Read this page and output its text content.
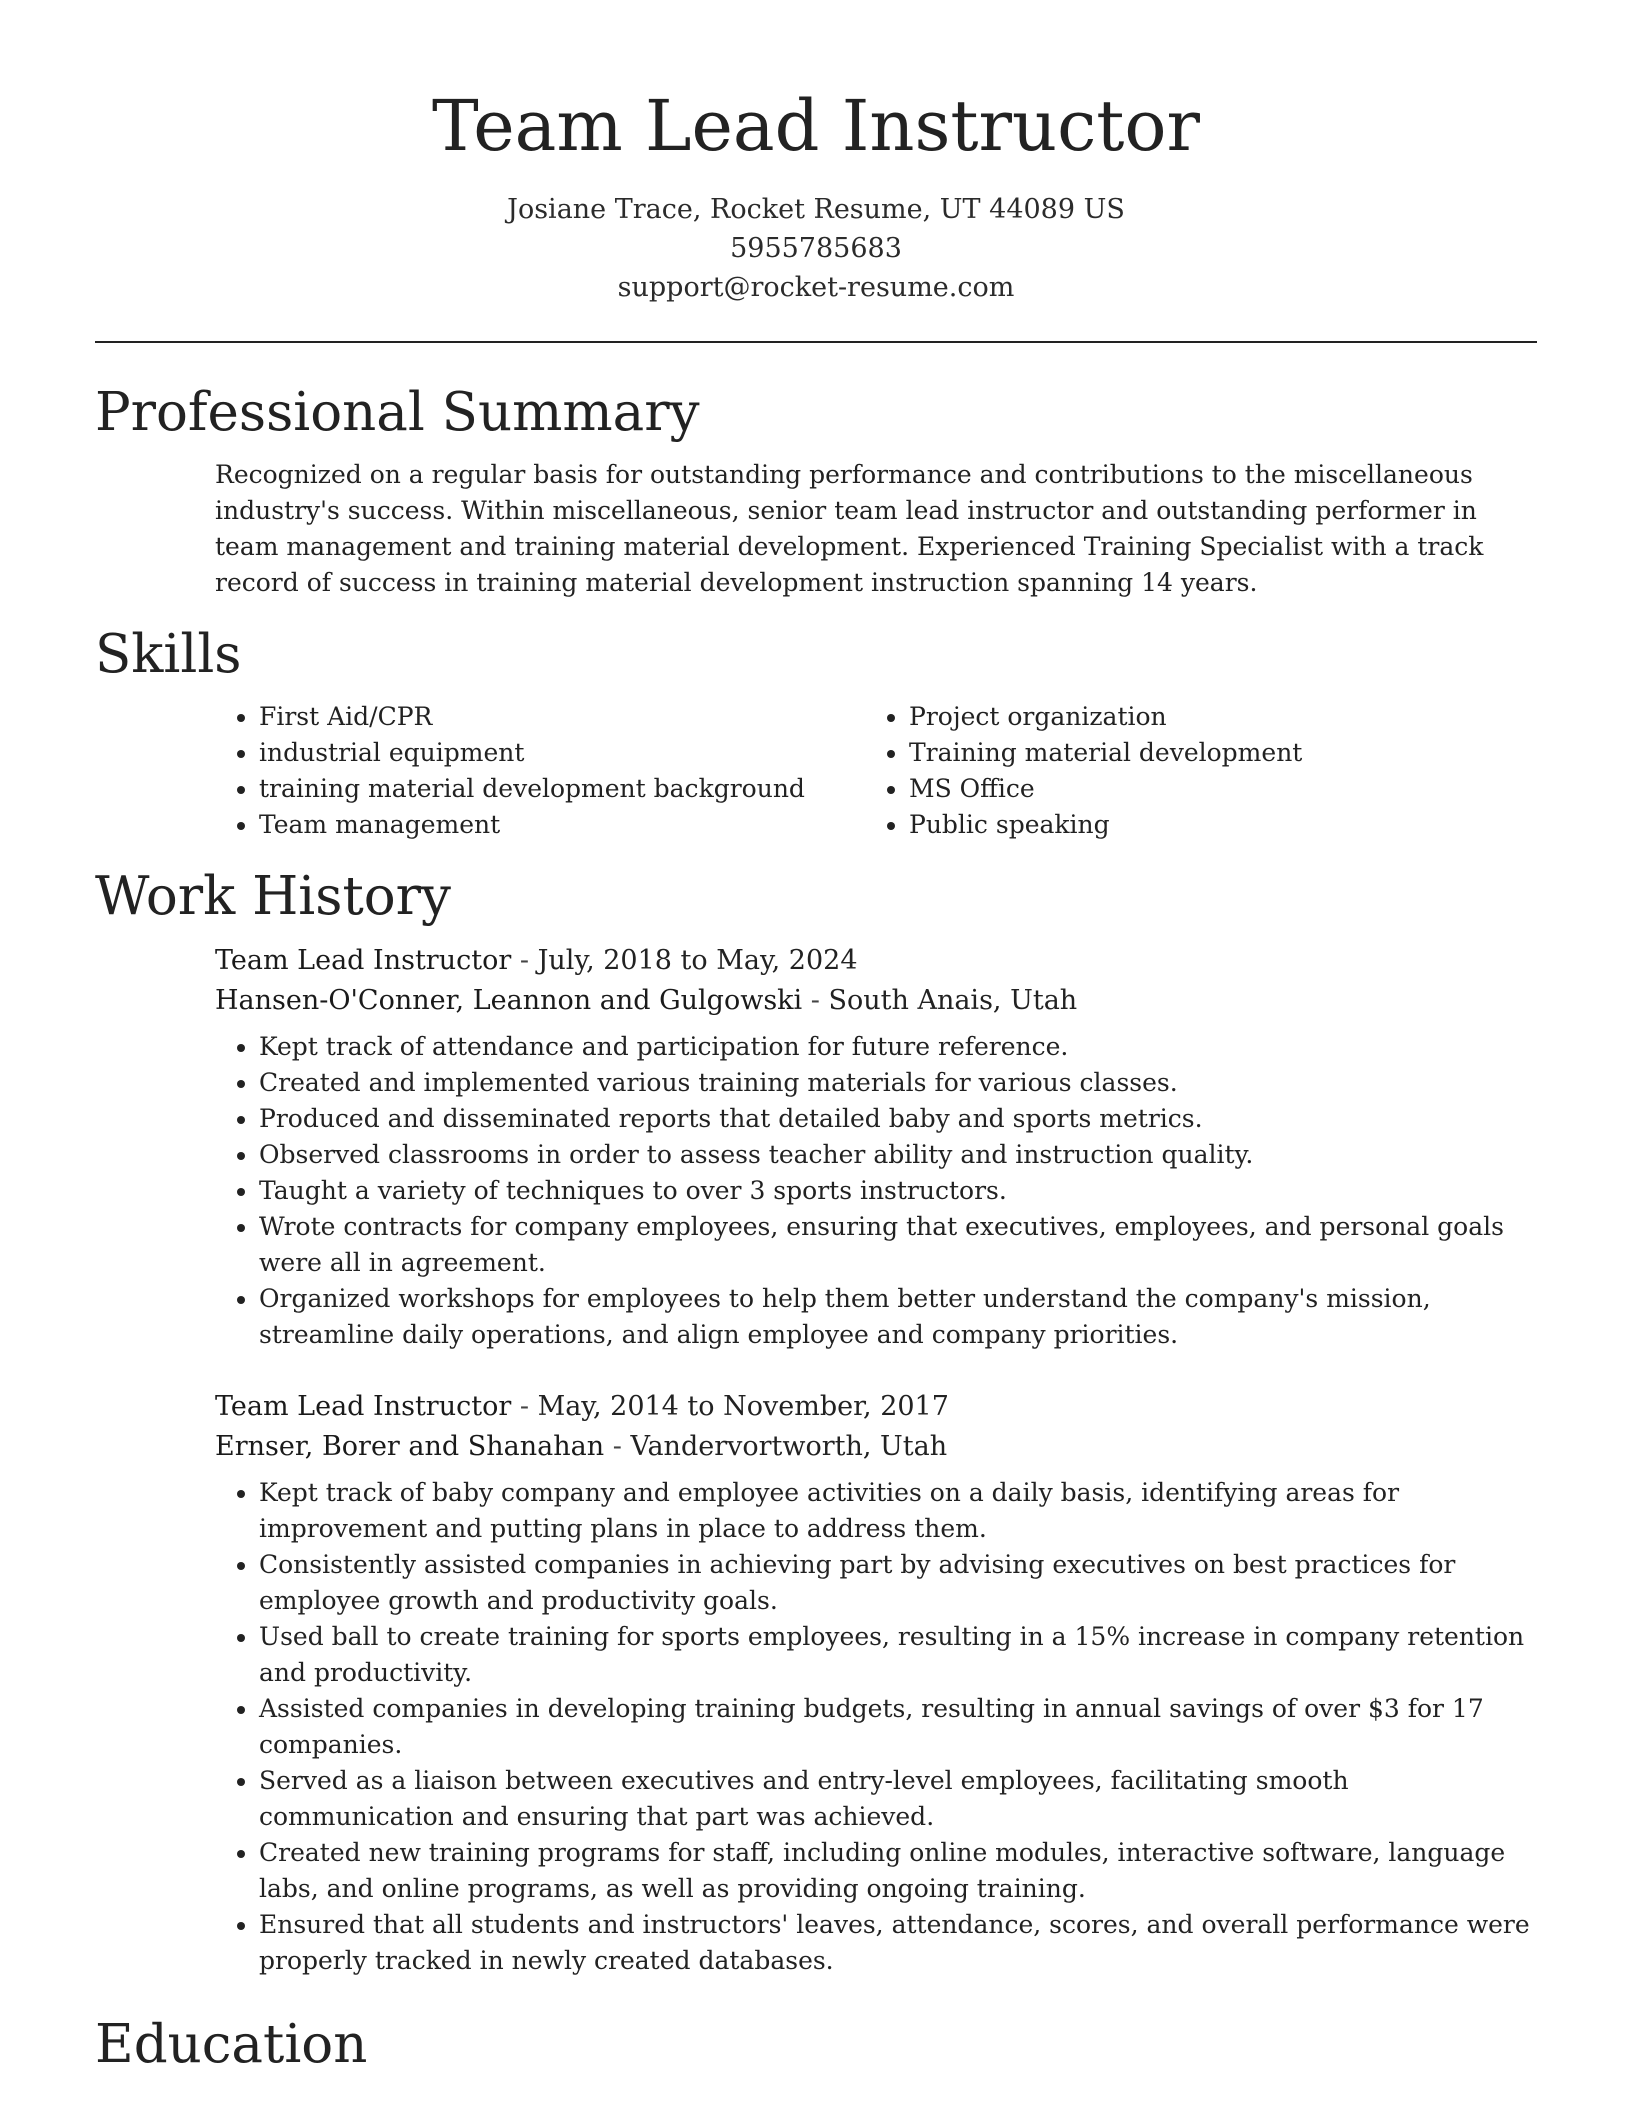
Team Lead Instructor
Josiane Trace, Rocket Resume, UT 44089 US
5955785683
support@rocket-resume.com
Professional Summary

Recognized on a regular basis for outstanding performance and contributions to the miscellaneous industry's success. Within miscellaneous, senior team lead instructor and outstanding performer in team management and training material development. Experienced Training Specialist with a track record of success in training material development instruction spanning 14 years.

Skills
• First Aid/CPR
• industrial equipment
• training material development background
• Team management
• Project organization
• Training material development
• MS Office
• Public speaking
Work History
Team Lead Instructor - July, 2018 to May, 2024
Hansen-O'Conner, Leannon and Gulgowski - South Anais, Utah
• Kept track of attendance and participation for future reference.
• Created and implemented various training materials for various classes.
• Produced and disseminated reports that detailed baby and sports metrics.
• Observed classrooms in order to assess teacher ability and instruction quality.
• Taught a variety of techniques to over 3 sports instructors.
• Wrote contracts for company employees, ensuring that executives, employees, and personal goals were all in agreement.
• Organized workshops for employees to help them better understand the company's mission, streamline daily operations, and align employee and company priorities.
Team Lead Instructor - May, 2014 to November, 2017
Ernser, Borer and Shanahan - Vandervortworth, Utah
• Kept track of baby company and employee activities on a daily basis, identifying areas for improvement and putting plans in place to address them.
• Consistently assisted companies in achieving part by advising executives on best practices for employee growth and productivity goals.
• Used ball to create training for sports employees, resulting in a 15% increase in company retention and productivity.
• Assisted companies in developing training budgets, resulting in annual savings of over $3 for 17 companies.
• Served as a liaison between executives and entry-level employees, facilitating smooth communication and ensuring that part was achieved.
• Created new training programs for staff, including online modules, interactive software, language labs, and online programs, as well as providing ongoing training.
• Ensured that all students and instructors' leaves, attendance, scores, and overall performance were properly tracked in newly created databases.
Education
